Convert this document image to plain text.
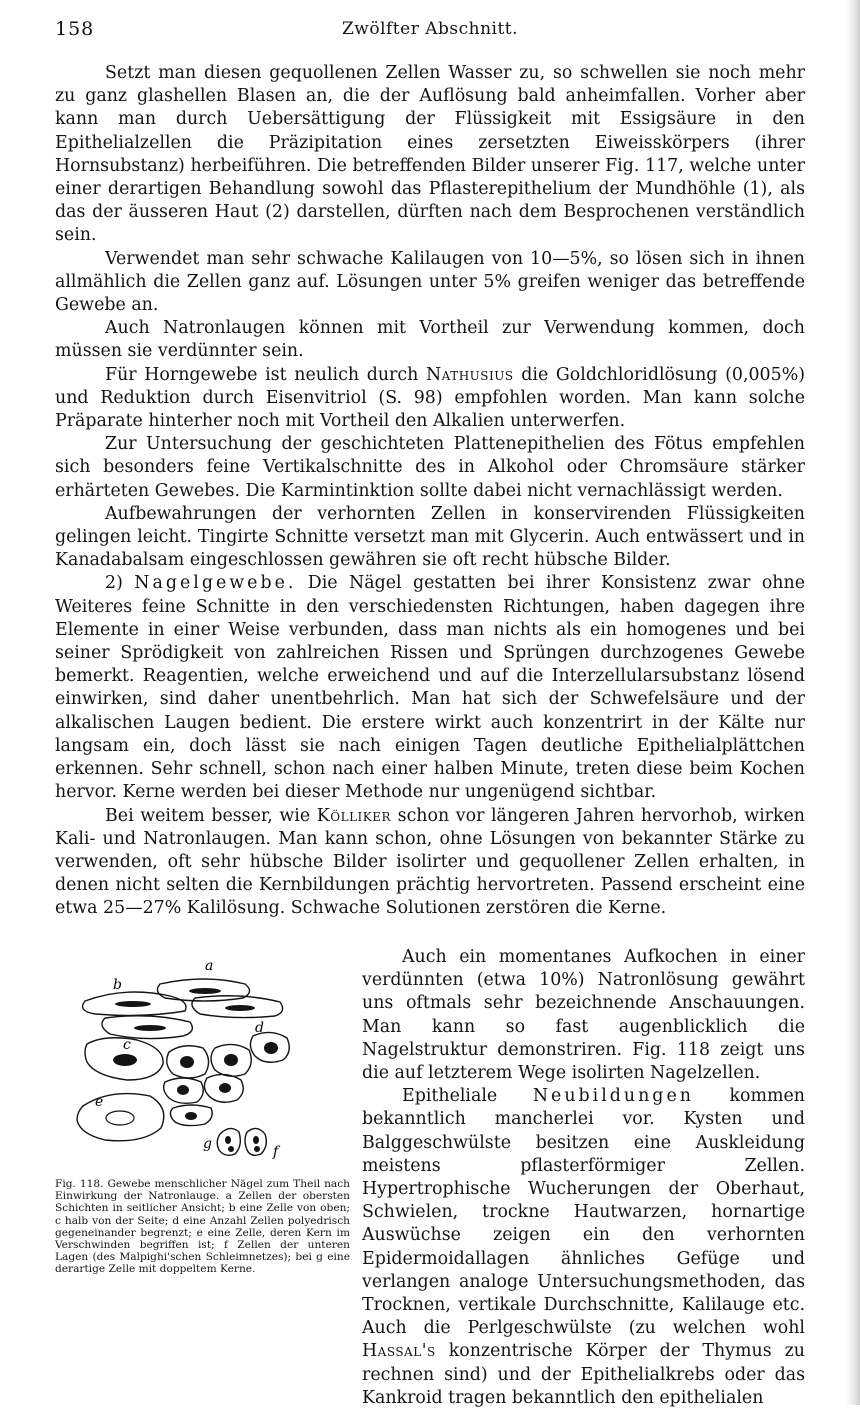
158	Zwölfter Abschnitt.

Setzt man diesen gequollenen Zellen Wasser zu, so schwellen sie noch mehr zu ganz glashellen Blasen an, die der Auflösung bald anheimfallen. Vorher aber kann man durch Uebersättigung der Flüssigkeit mit Essigsäure in den Epithelialzellen die Präzipitation eines zersetzten Eiweisskörpers (ihrer Hornsubstanz) herbeiführen. Die betreffenden Bilder unserer Fig. 117, welche unter einer derartigen Behandlung sowohl das Pflasterepithelium der Mundhöhle (1), als das der äusseren Haut (2) darstellen, dürften nach dem Besprochenen verständlich sein.

Verwendet man sehr schwache Kalilaugen von 10—5%, so lösen sich in ihnen allmählich die Zellen ganz auf. Lösungen unter 5% greifen weniger das betreffende Gewebe an.

Auch Natronlaugen können mit Vortheil zur Verwendung kommen, doch müssen sie verdünnter sein.

Für Horngewebe ist neulich durch Nathusius die Goldchloridlösung (0,005%) und Reduktion durch Eisenvitriol (S. 98) empfohlen worden. Man kann solche Präparate hinterher noch mit Vortheil den Alkalien unterwerfen.

Zur Untersuchung der geschichteten Plattenepithelien des Fötus empfehlen sich besonders feine Vertikalschnitte des in Alkohol oder Chromsäure stärker erhärteten Gewebes. Die Karmintinktion sollte dabei nicht vernachlässigt werden.

Aufbewahrungen der verhornten Zellen in konservirenden Flüssigkeiten gelingen leicht. Tingirte Schnitte versetzt man mit Glycerin. Auch entwässert und in Kanadabalsam eingeschlossen gewähren sie oft recht hübsche Bilder.

2) Nagelgewebe. Die Nägel gestatten bei ihrer Konsistenz zwar ohne Weiteres feine Schnitte in den verschiedensten Richtungen, haben dagegen ihre Elemente in einer Weise verbunden, dass man nichts als ein homogenes und bei seiner Sprödigkeit von zahlreichen Rissen und Sprüngen durchzogenes Gewebe bemerkt. Reagentien, welche erweichend und auf die Interzellularsubstanz lösend einwirken, sind daher unentbehrlich. Man hat sich der Schwefelsäure und der alkalischen Laugen bedient. Die erstere wirkt auch konzentrirt in der Kälte nur langsam ein, doch lässt sie nach einigen Tagen deutliche Epithelialplättchen erkennen. Sehr schnell, schon nach einer halben Minute, treten diese beim Kochen hervor. Kerne werden bei dieser Methode nur ungenügend sichtbar.

Bei weitem besser, wie Kölliker schon vor längeren Jahren hervorhob, wirken Kali- und Natronlaugen. Man kann schon, ohne Lösungen von bekannter Stärke zu verwenden, oft sehr hübsche Bilder isolirter und gequollener Zellen erhalten, in denen nicht selten die Kernbildungen prächtig hervortreten. Passend erscheint eine etwa 25—27% Kalilösung. Schwache Solutionen zerstören die Kerne.

a
b
c
d
e
f
g
Fig. 118. Gewebe menschlicher Nägel zum Theil nach Einwirkung der Natronlauge. a Zellen der obersten Schichten in seitlicher Ansicht; b eine Zelle von oben; c halb von der Seite; d eine Anzahl Zellen polyedrisch gegeneinander begrenzt; e eine Zelle, deren Kern im Verschwinden begriffen ist; f Zellen der unteren Lagen (des Malpighi'schen Schleimnetzes); bei g eine derartige Zelle mit doppeltem Kerne.

Auch ein momentanes Aufkochen in einer verdünnten (etwa 10%) Natronlösung gewährt uns oftmals sehr bezeichnende Anschauungen. Man kann so fast augenblicklich die Nagelstruktur demonstriren. Fig. 118 zeigt uns die auf letzterem Wege isolirten Nagelzellen.

Epitheliale Neubildungen kommen bekanntlich mancherlei vor. Kysten und Balggeschwülste besitzen eine Auskleidung meistens pflasterförmiger Zellen. Hypertrophische Wucherungen der Oberhaut, Schwielen, trockne Hautwarzen, hornartige Auswüchse zeigen ein den verhornten Epidermoidallagen ähnliches Gefüge und verlangen analoge Untersuchungsmethoden, das Trocknen, vertikale Durchschnitte, Kalilauge etc. Auch die Perlgeschwülste (zu welchen wohl Hassal's konzentrische Körper der Thymus zu rechnen sind) und der Epithelialkrebs oder das Kankroid tragen bekanntlich den epithelialen
